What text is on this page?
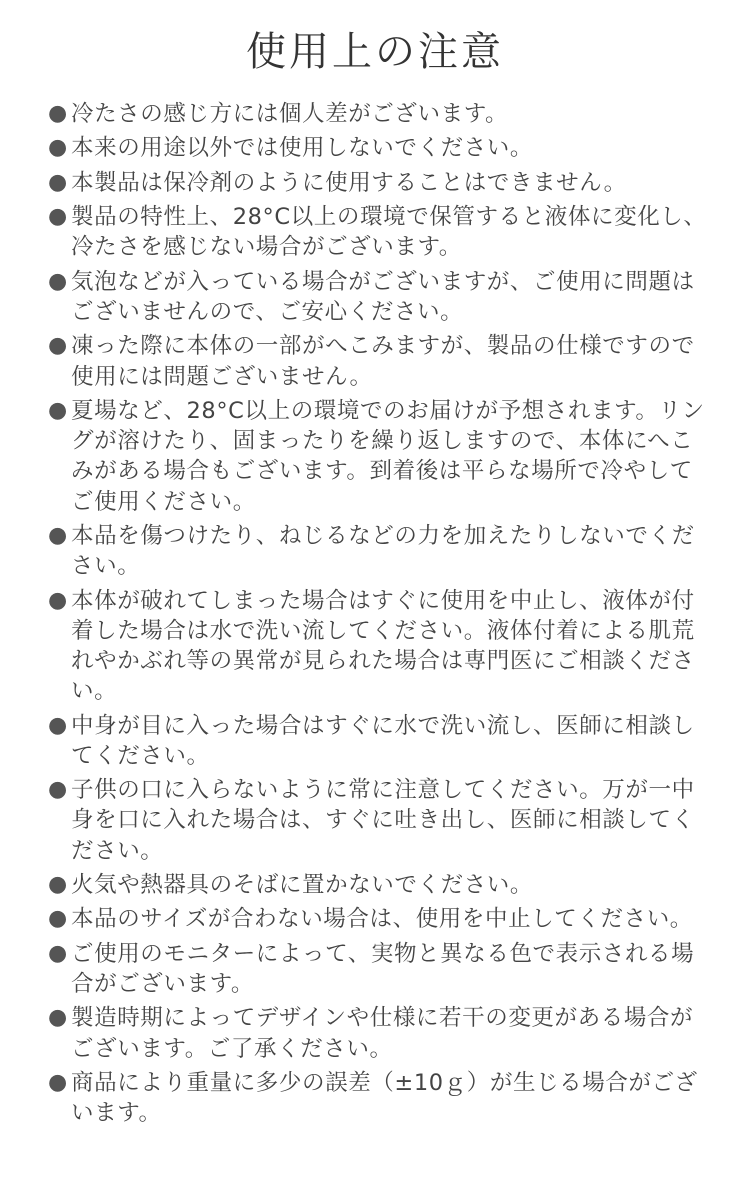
使用上の注意
● 冷たさの感じ方には個人差がございます。
● 本来の用途以外では使用しないでください。
● 本製品は保冷剤のように使用することはできません。
● 製品の特性上、28°C以上の環境で保管すると液体に変化し、冷たさを感じない場合がございます。
● 気泡などが入っている場合がございますが、ご使用に問題はございませんので、ご安心ください。
● 凍った際に本体の一部がへこみますが、製品の仕様ですので使用には問題ございません。
● 夏場など、28°C以上の環境でのお届けが予想されます。リングが溶けたり、固まったりを繰り返しますので、本体にへこみがある場合もございます。到着後は平らな場所で冷やしてご使用ください。
● 本品を傷つけたり、ねじるなどの力を加えたりしないでください。
● 本体が破れてしまった場合はすぐに使用を中止し、液体が付着した場合は水で洗い流してください。液体付着による肌荒れやかぶれ等の異常が見られた場合は専門医にご相談ください。
● 中身が目に入った場合はすぐに水で洗い流し、医師に相談してください。
● 子供の口に入らないように常に注意してください。万が一中身を口に入れた場合は、すぐに吐き出し、医師に相談してください。
● 火気や熱器具のそばに置かないでください。
● 本品のサイズが合わない場合は、使用を中止してください。
● ご使用のモニターによって、実物と異なる色で表示される場合がございます。
● 製造時期によってデザインや仕様に若干の変更がある場合がございます。ご了承ください。
● 商品により重量に多少の誤差（±10ｇ）が生じる場合がございます。
